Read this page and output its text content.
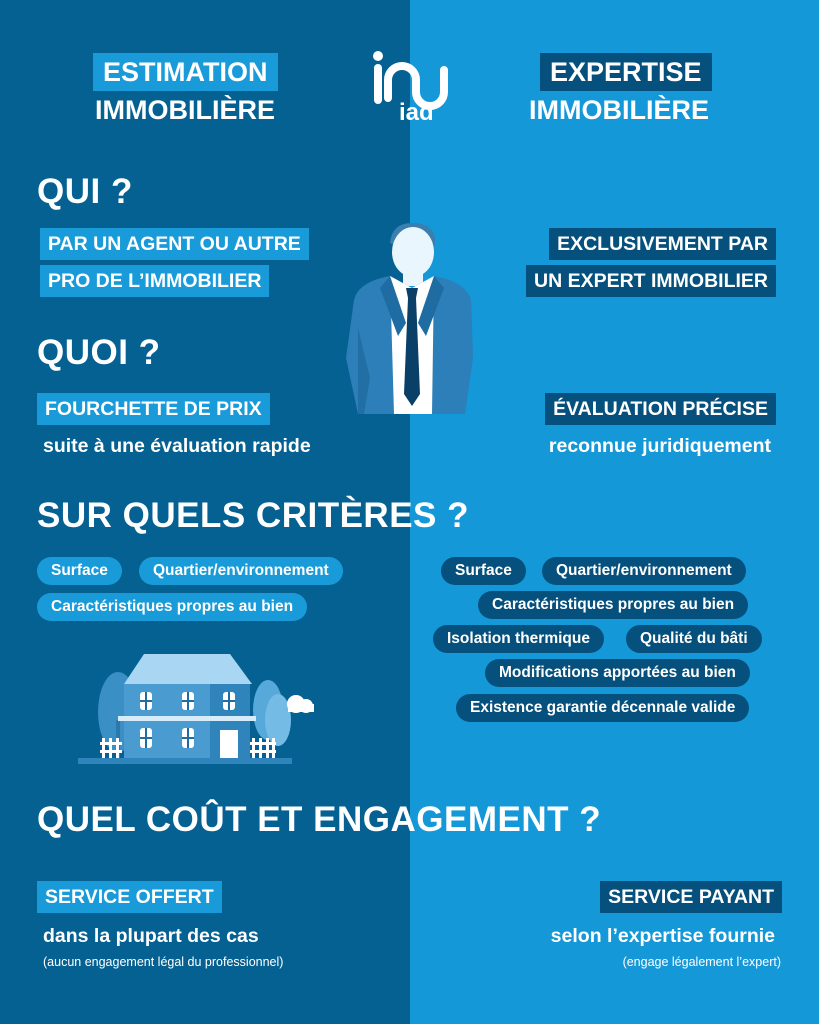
ESTIMATION
IMMOBILIÈRE
EXPERTISE
IMMOBILIÈRE
iad
QUI ?
PAR UN AGENT OU AUTRE
PRO DE L’IMMOBILIER
EXCLUSIVEMENT PAR
UN EXPERT IMMOBILIER
QUOI ?
FOURCHETTE DE PRIX
suite à une évaluation rapide
ÉVALUATION PRÉCISE
reconnue juridiquement
SUR QUELS CRITÈRES ?
Surface	Quartier/environnement
Caractéristiques propres au bien
Surface	Quartier/environnement
Caractéristiques propres au bien
Isolation thermique	Qualité du bâti
Modifications apportées au bien
Existence garantie décennale valide
QUEL COÛT ET ENGAGEMENT ?
SERVICE OFFERT
dans la plupart des cas
(aucun engagement légal du professionnel)
SERVICE PAYANT
selon l’expertise fournie
(engage légalement l’expert)
